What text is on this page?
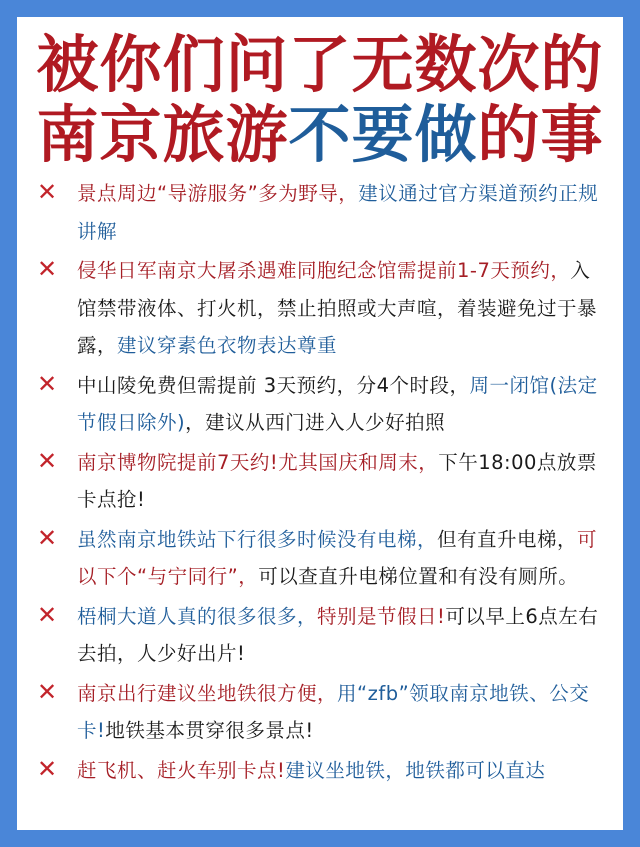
被你们问了无数次的
南京旅游不要做的事
✕ 景点周边“导游服务”多为野导，建议通过官方渠道预约正规讲解
✕ 侵华日军南京大屠杀遇难同胞纪念馆需提前1-7天预约，入馆禁带液体、打火机，禁止拍照或大声喧，着装避免过于暴露，建议穿素色衣物表达尊重
✕ 中山陵免费但需提前 3天预约，分4个时段，周一闭馆(法定节假日除外)，建议从西门进入人少好拍照
✕ 南京博物院提前7天约!尤其国庆和周末，下午18:00点放票卡点抢!
✕ 虽然南京地铁站下行很多时候没有电梯，但有直升电梯，可以下个“与宁同行”，可以查直升电梯位置和有没有厕所。
✕ 梧桐大道人真的很多很多，特别是节假日!可以早上6点左右去拍，人少好出片!
✕ 南京出行建议坐地铁很方便，用“zfb”领取南京地铁、公交卡!地铁基本贯穿很多景点!
✕ 赶飞机、赶火车别卡点!建议坐地铁，地铁都可以直达
